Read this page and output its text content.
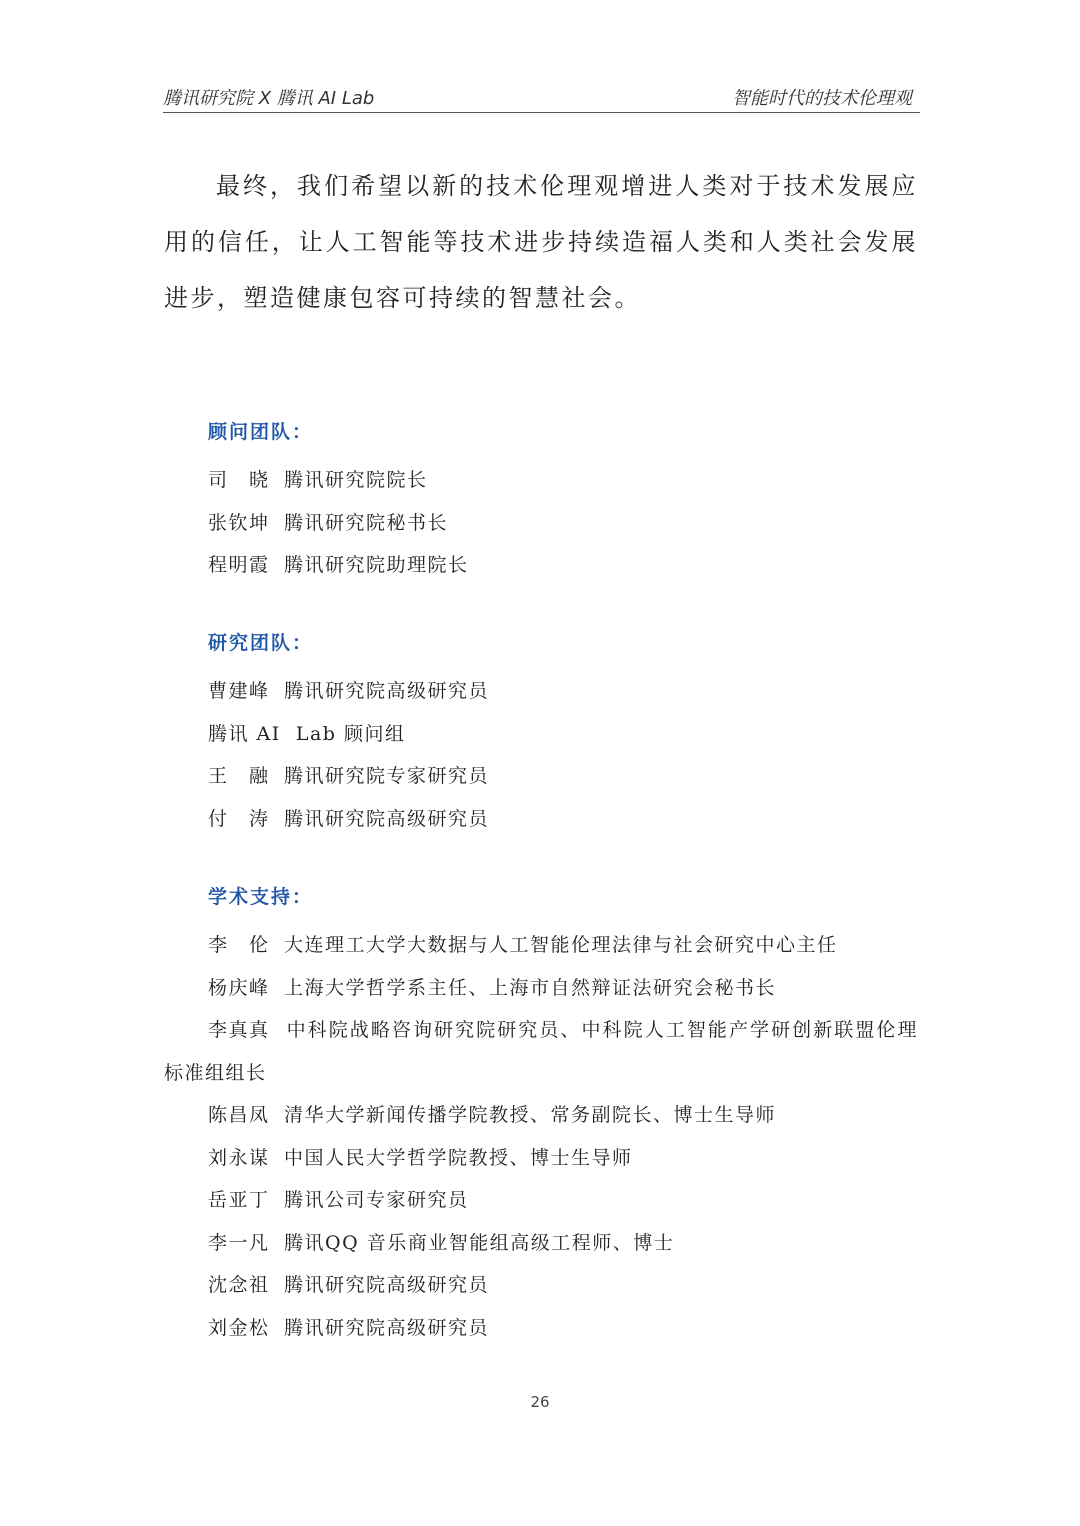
腾讯研究院 X 腾讯 AI Lab	智能时代的技术伦理观

最终，我们希望以新的技术伦理观增进人类对于技术发展应用的信任，让人工智能等技术进步持续造福人类和人类社会发展进步，塑造健康包容可持续的智慧社会。

顾问团队：
司　晓 腾讯研究院院长
张钦坤 腾讯研究院秘书长
程明霞 腾讯研究院助理院长
研究团队：
曹建峰 腾讯研究院高级研究员
腾讯 AI  Lab 顾问组
王　融 腾讯研究院专家研究员
付　涛 腾讯研究院高级研究员
学术支持：
李　伦 大连理工大学大数据与人工智能伦理法律与社会研究中心主任
杨庆峰 上海大学哲学系主任、上海市自然辩证法研究会秘书长
李真真 中科院战略咨询研究院研究员、中科院人工智能产学研创新联盟伦理标准组组长
陈昌凤 清华大学新闻传播学院教授、常务副院长、博士生导师
刘永谋 中国人民大学哲学院教授、博士生导师
岳亚丁 腾讯公司专家研究员
李一凡 腾讯QQ 音乐商业智能组高级工程师、博士
沈念祖 腾讯研究院高级研究员
刘金松 腾讯研究院高级研究员
26
